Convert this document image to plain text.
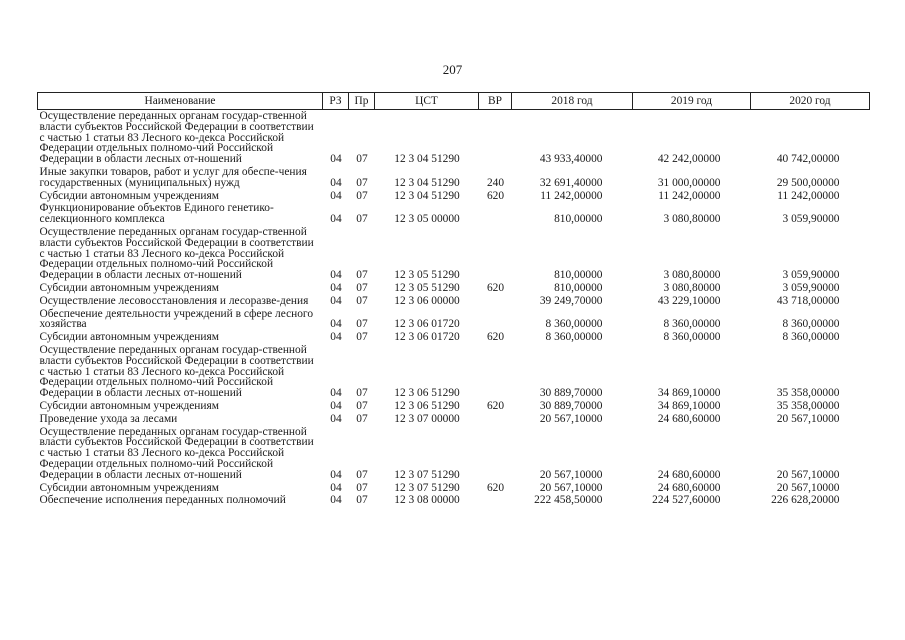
207
Наименование	РЗ	Пр	ЦСТ	ВР	2018 год	2019 год	2020 год
Осуществление переданных органам государ-ственной власти субъектов Российской Федерации в соответствии с частью 1 статьи 83 Лесного ко-декса Российской Федерации отдельных полномо-чий Российской Федерации в области лесных от-ношений	04	07	12 3 04 51290		43 933,40000	42 242,00000	40 742,00000
Иные закупки товаров, работ и услуг для обеспе-чения государственных (муниципальных) нужд	04	07	12 3 04 51290	240	32 691,40000	31 000,00000	29 500,00000
Субсидии автономным учреждениям	04	07	12 3 04 51290	620	11 242,00000	11 242,00000	11 242,00000
Функционирование объектов Единого генетико-селекционного комплекса	04	07	12 3 05 00000		810,00000	3 080,80000	3 059,90000
Осуществление переданных органам государ-ственной власти субъектов Российской Федерации в соответствии с частью 1 статьи 83 Лесного ко-декса Российской Федерации отдельных полномо-чий Российской Федерации в области лесных от-ношений	04	07	12 3 05 51290		810,00000	3 080,80000	3 059,90000
Субсидии автономным учреждениям	04	07	12 3 05 51290	620	810,00000	3 080,80000	3 059,90000
Осуществление лесовосстановления и лесоразве-дения	04	07	12 3 06 00000		39 249,70000	43 229,10000	43 718,00000
Обеспечение деятельности учреждений в сфере лесного хозяйства	04	07	12 3 06 01720		8 360,00000	8 360,00000	8 360,00000
Субсидии автономным учреждениям	04	07	12 3 06 01720	620	8 360,00000	8 360,00000	8 360,00000
Осуществление переданных органам государ-ственной власти субъектов Российской Федерации в соответствии с частью 1 статьи 83 Лесного ко-декса Российской Федерации отдельных полномо-чий Российской Федерации в области лесных от-ношений	04	07	12 3 06 51290		30 889,70000	34 869,10000	35 358,00000
Субсидии автономным учреждениям	04	07	12 3 06 51290	620	30 889,70000	34 869,10000	35 358,00000
Проведение ухода за лесами	04	07	12 3 07 00000		20 567,10000	24 680,60000	20 567,10000
Осуществление переданных органам государ-ственной власти субъектов Российской Федерации в соответствии с частью 1 статьи 83 Лесного ко-декса Российской Федерации отдельных полномо-чий Российской Федерации в области лесных от-ношений	04	07	12 3 07 51290		20 567,10000	24 680,60000	20 567,10000
Субсидии автономным учреждениям	04	07	12 3 07 51290	620	20 567,10000	24 680,60000	20 567,10000
Обеспечение исполнения переданных полномочий	04	07	12 3 08 00000		222 458,50000	224 527,60000	226 628,20000
